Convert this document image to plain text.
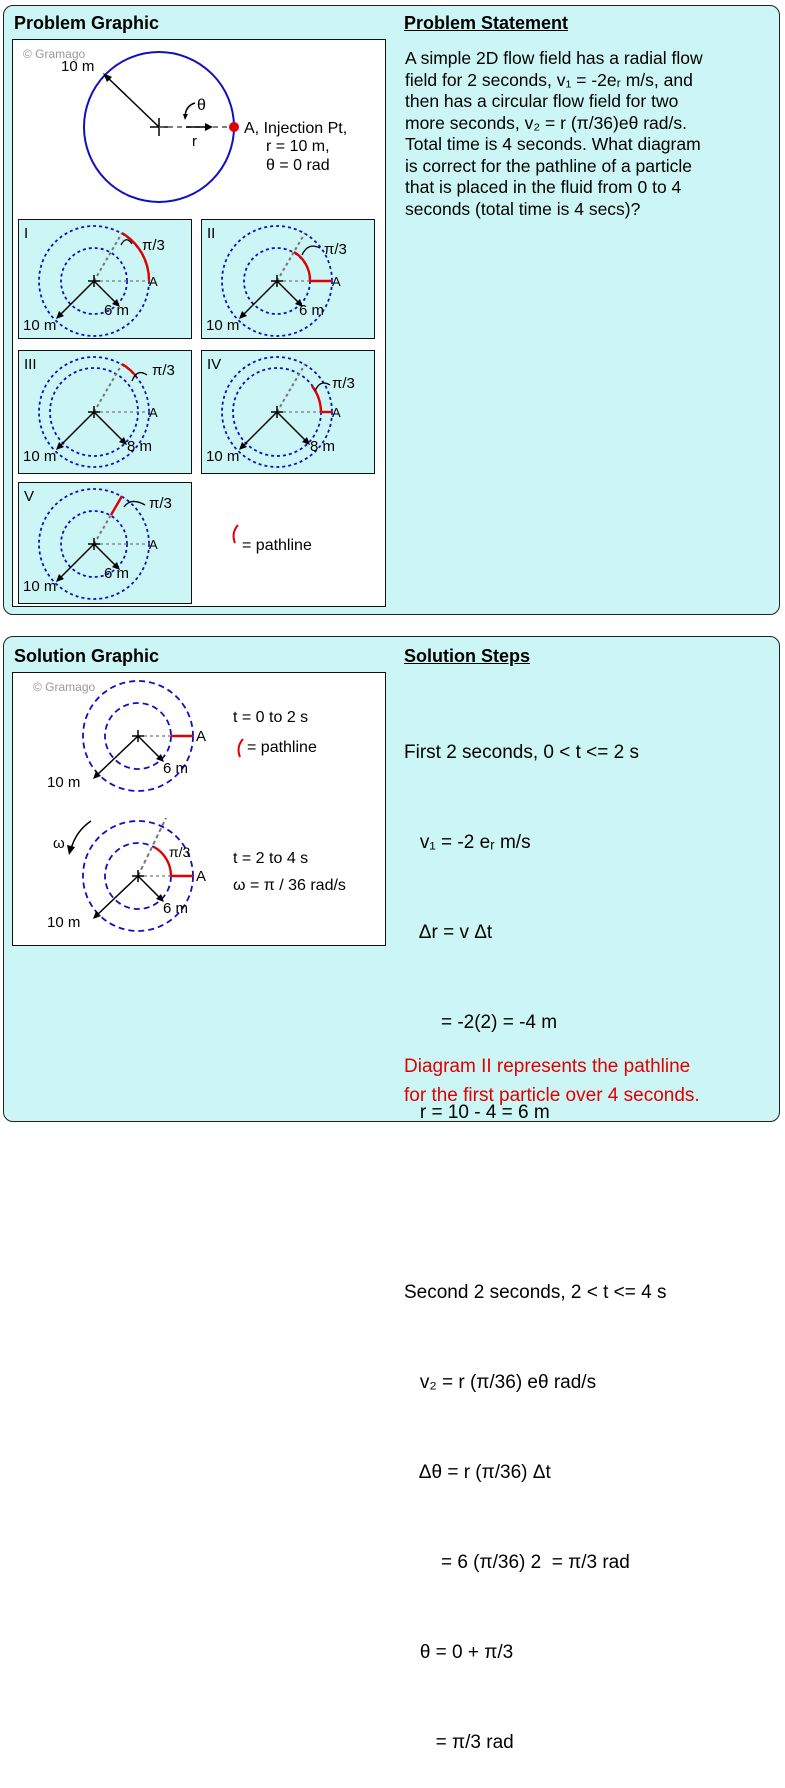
Problem Graphic	Problem Statement
A simple 2D flow field has a radial flow
field for 2 seconds, v₁ = -2eᵣ m/s, and
then has a circular flow field for two
more seconds, v₂ = r (π/36)eθ rad/s.
Total time is 4 seconds. What diagram
is correct for the pathline of a particle
that is placed in the fluid from 0 to 4
seconds (total time is 4 secs)?
© Gramago
10 m
θ
r
A, Injection Pt,
r = 10 m,
θ = 0 rad
= pathline
I
π/3
A
6 m
10 m
II
π/3
A
6 m
10 m
III	π/3
A
8 m
10 m
IV
π/3
A
8 m
10 m
V	π/3
A
6 m
10 m
Solution Graphic	Solution Steps
© Gramago
A
6 m
10 m
t = 0 to 2 s
= pathline
ω	π/3
A
6 m
10 m
t = 2 to 4 s
ω = π / 36 rad/s

First 2 seconds, 0 < t <= 2 s

v₁ = -2 eᵣ m/s

Δr = v Δt

= -2(2) = -4 m

r = 10 - 4 = 6 m

Second 2 seconds, 2 < t <= 4 s

v₂ = r (π/36) eθ rad/s

Δθ = r (π/36) Δt

= 6 (π/36) 2  = π/3 rad

θ = 0 + π/3

= π/3 rad

Diagram II represents the pathline
for the first particle over 4 seconds.
